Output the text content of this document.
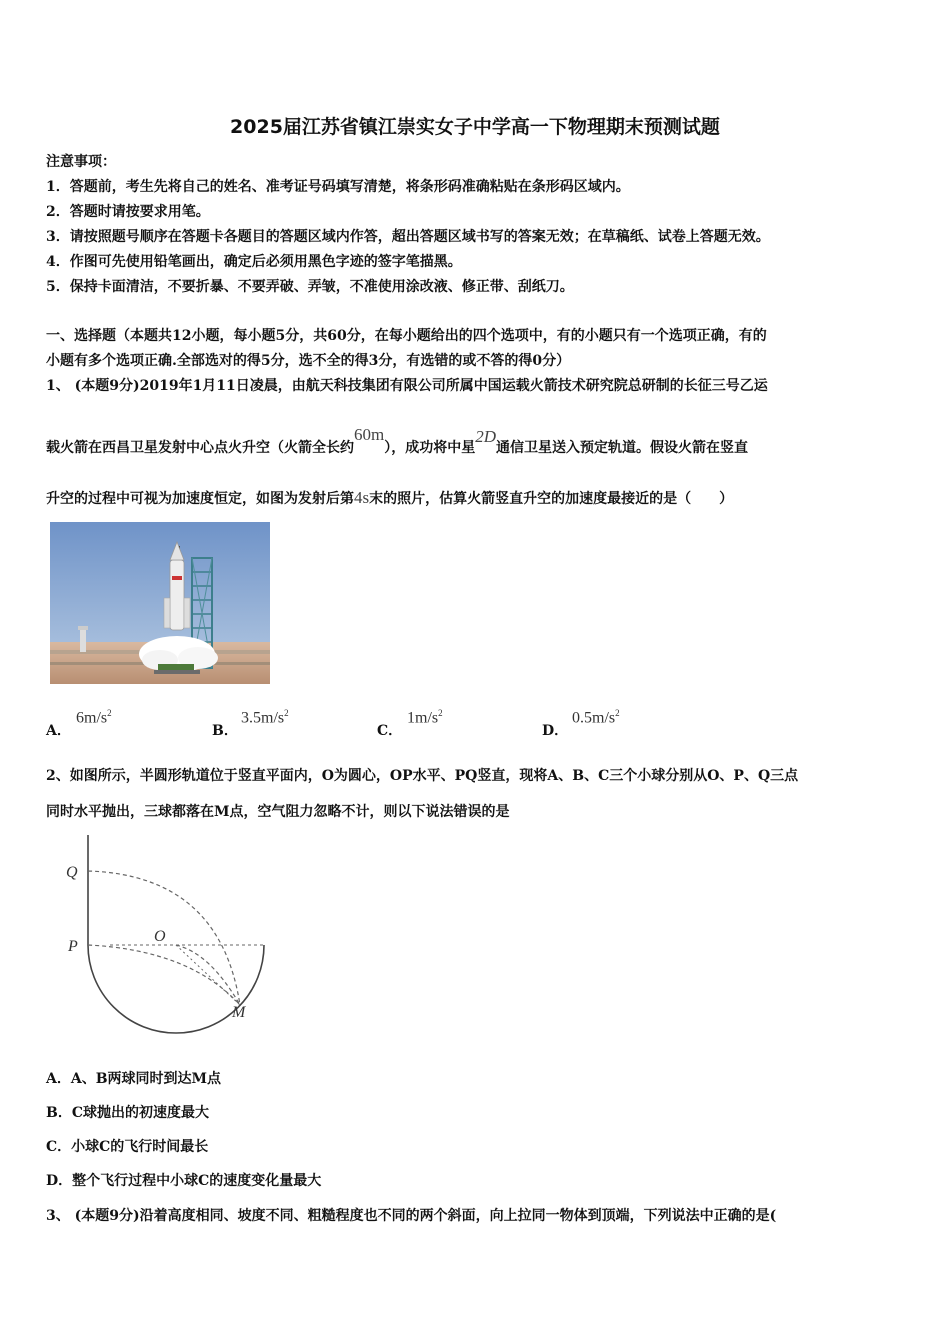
2025届江苏省镇江崇实女子中学高一下物理期末预测试题
注意事项：
1．答题前，考生先将自己的姓名、准考证号码填写清楚，将条形码准确粘贴在条形码区域内。
2．答题时请按要求用笔。
3．请按照题号顺序在答题卡各题目的答题区域内作答，超出答题区域书写的答案无效；在草稿纸、试卷上答题无效。
4．作图可先使用铅笔画出，确定后必须用黑色字迹的签字笔描黑。
5．保持卡面清洁，不要折暴、不要弄破、弄皱，不准使用涂改液、修正带、刮纸刀。
一、选择题（本题共12小题，每小题5分，共60分，在每小题给出的四个选项中，有的小题只有一个选项正确，有的
小题有多个选项正确.全部选对的得5分，选不全的得3分，有选错的或不答的得0分）
1、 (本题9分)2019年1月11日凌晨，由航天科技集团有限公司所属中国运载火箭技术研究院总研制的长征三号乙运
载火箭在西昌卫星发射中心点火升空（火箭全长约60m），成功将中星2D通信卫星送入预定轨道。假设火箭在竖直
升空的过程中可视为加速度恒定，如图为发射后第4s末的照片，估算火箭竖直升空的加速度最接近的是（　　）
A．
$6m/s^2$
B．
$3.5m/s^2$
C．
$1m/s^2$
D．
$0.5m/s^2$
2、如图所示，半圆形轨道位于竖直平面内，O为圆心，OP水平、PQ竖直，现将A、B、C三个小球分别从O、P、Q三点
同时水平抛出，三球都落在M点，空气阻力忽略不计，则以下说法错误的是
Q
P
O
M
A．A、B两球同时到达M点
B．C球抛出的初速度最大
C．小球C的飞行时间最长
D．整个飞行过程中小球C的速度变化量最大
3、 (本题9分)沿着高度相同、坡度不同、粗糙程度也不同的两个斜面，向上拉同一物体到顶端，下列说法中正确的是(
